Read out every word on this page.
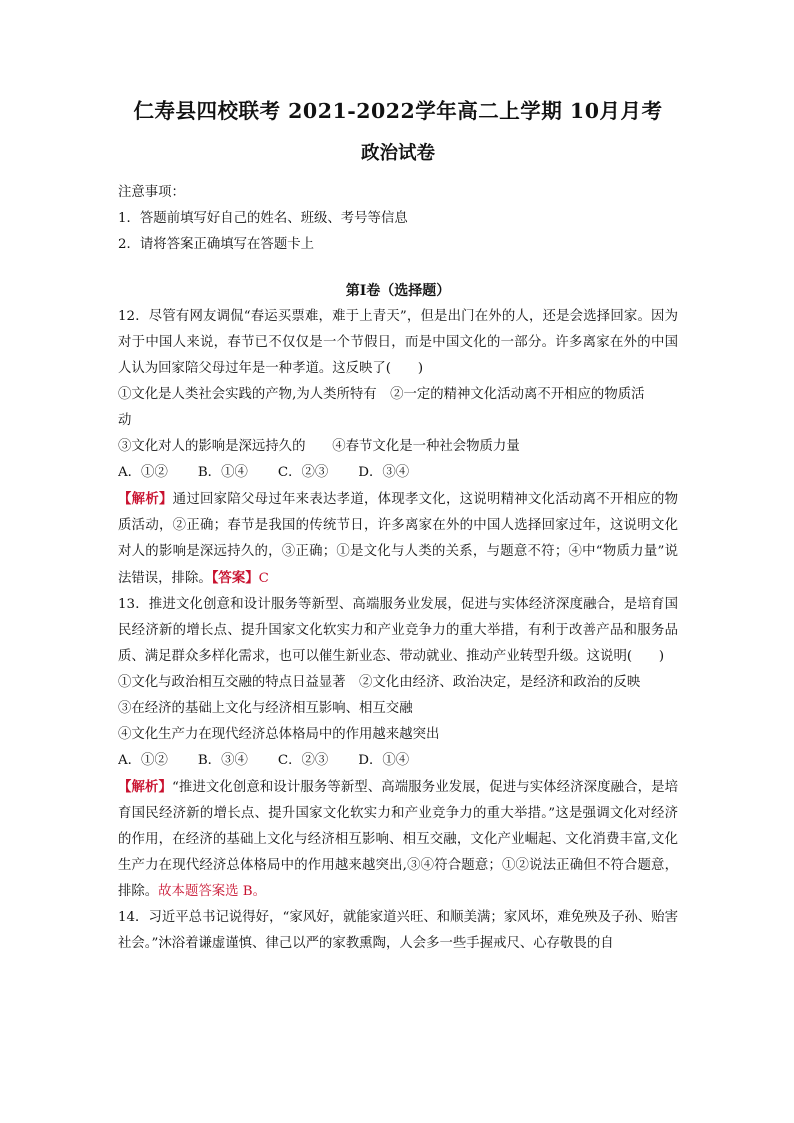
仁寿县四校联考 2021-2022学年高二上学期 10月月考

政治试卷

注意事项：

1．答题前填写好自己的姓名、班级、考号等信息

2．请将答案正确填写在答题卡上

第Ⅰ卷（选择题）

12．尽管有网友调侃“春运买票难，难于上青天”，但是出门在外的人，还是会选择回家。因为对于中国人来说，春节已不仅仅是一个节假日，而是中国文化的一部分。许多离家在外的中国人认为回家陪父母过年是一种孝道。这反映了(　　)

①文化是人类社会实践的产物,为人类所特有　②一定的精神文化活动离不开相应的物质活

动

③文化对人的影响是深远持久的　　④春节文化是一种社会物质力量

A．①② B．①④ C．②③ D．③④

【解析】通过回家陪父母过年来表达孝道，体现孝文化，这说明精神文化活动离不开相应的物质活动，②正确；春节是我国的传统节日，许多离家在外的中国人选择回家过年，这说明文化对人的影响是深远持久的，③正确；①是文化与人类的关系，与题意不符；④中“物质力量”说法错误，排除。【答案】C

13．推进文化创意和设计服务等新型、高端服务业发展，促进与实体经济深度融合，是培育国民经济新的增长点、提升国家文化软实力和产业竞争力的重大举措，有利于改善产品和服务品质、满足群众多样化需求，也可以催生新业态、带动就业、推动产业转型升级。这说明(　　)

①文化与政治相互交融的特点日益显著　②文化由经济、政治决定，是经济和政治的反映

③在经济的基础上文化与经济相互影响、相互交融

④文化生产力在现代经济总体格局中的作用越来越突出

A．①② B．③④ C．②③ D．①④

【解析】“推进文化创意和设计服务等新型、高端服务业发展，促进与实体经济深度融合，是培育国民经济新的增长点、提升国家文化软实力和产业竞争力的重大举措。”这是强调文化对经济的作用，在经济的基础上文化与经济相互影响、相互交融，文化产业崛起、文化消费丰富,文化生产力在现代经济总体格局中的作用越来越突出,③④符合题意；①②说法正确但不符合题意，排除。故本题答案选 B。

14．习近平总书记说得好，“家风好，就能家道兴旺、和顺美满；家风坏，难免殃及子孙、贻害社会。”沐浴着谦虚谨慎、律己以严的家教熏陶，人会多一些手握戒尺、心存敬畏的自
